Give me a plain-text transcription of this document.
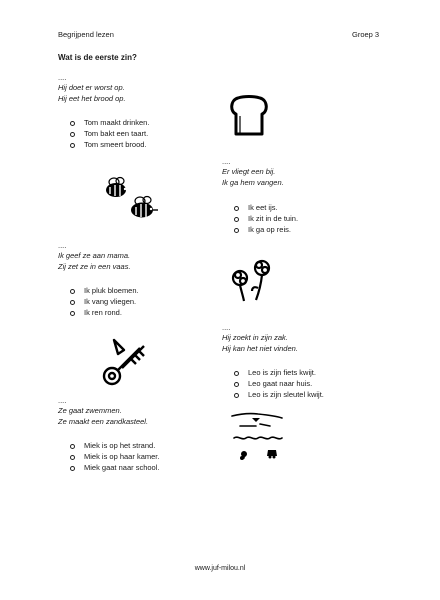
Begrijpend lezen	Groep 3
Wat is de eerste zin?
....
Hij doet er worst op.
Hij eet het brood op.
Tom maakt drinken.
Tom bakt een taart.
Tom smeert brood.
....
Er vliegt een bij.
Ik ga hem vangen.
Ik eet ijs.
Ik zit in de tuin.
Ik ga op reis.
....
Ik geef ze aan mama.
Zij zet ze in een vaas.
Ik pluk bloemen.
Ik vang vliegen.
Ik ren rond.
....
Hij zoekt in zijn zak.
Hij kan het niet vinden.
Leo is zijn fiets kwijt.
Leo gaat naar huis.
Leo is zijn sleutel kwijt.
....
Ze gaat zwemmen.
Ze maakt een zandkasteel.
Miek is op het strand.
Miek is op haar kamer.
Miek gaat naar school.
www.juf-milou.nl
